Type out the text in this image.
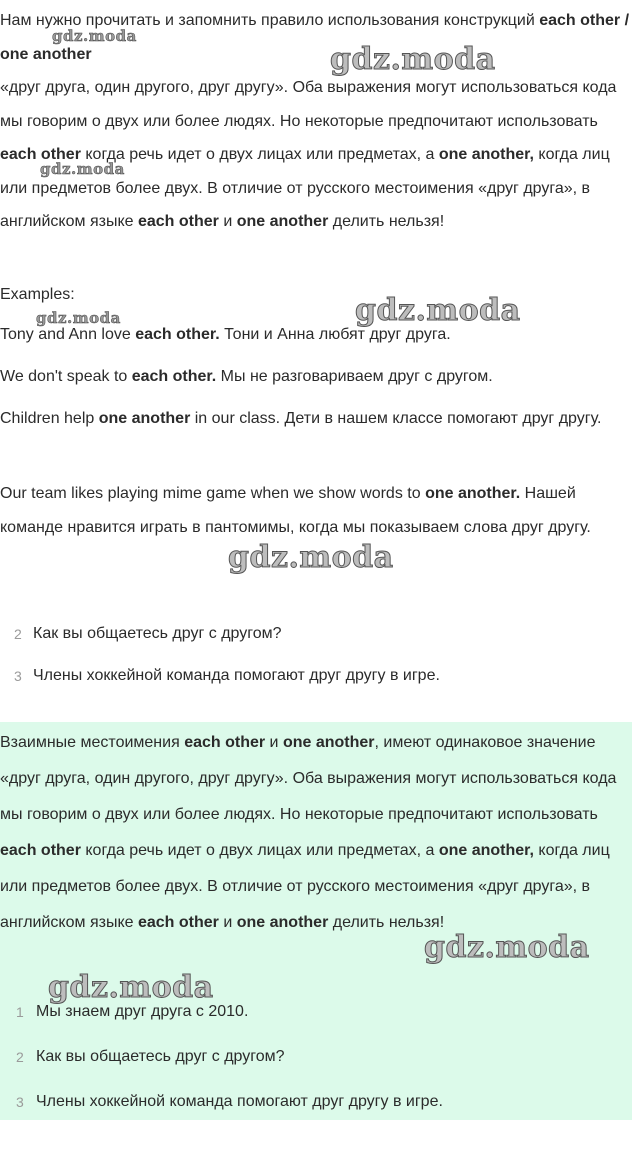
Нам нужно прочитать и запомнить правило использования конструкций each other / one another
«друг друга, один другого, друг другу». Оба выражения могут использоваться кода мы говорим о двух или более людях. Но некоторые предпочитают использовать each other когда речь идет о двух лицах или предметах, а one another, когда лиц или предметов более двух. В отличие от русского местоимения «друг друга», в английском языке each other и one another делить нельзя!
Examples:
Tony and Ann love each other. Тони и Анна любят друг друга.
We don't speak to each other. Мы не разговариваем друг с другом.
Children help one another in our class. Дети в нашем классе помогают друг другу.
Our team likes playing mime game when we show words to one another. Нашей команде нравится играть в пантомимы, когда мы показываем слова друг другу.
2 Как вы общаетесь друг с другом?
3 Члены хоккейной команда помогают друг другу в игре.
Взаимные местоимения each other и one another, имеют одинаковое значение «друг друга, один другого, друг другу». Оба выражения могут использоваться кода мы говорим о двух или более людях. Но некоторые предпочитают использовать each other когда речь идет о двух лицах или предметах, а one another, когда лиц или предметов более двух. В отличие от русского местоимения «друг друга», в английском языке each other и one another делить нельзя!
1 Мы знаем друг друга с 2010.
2 Как вы общаетесь друг с другом?
3 Члены хоккейной команда помогают друг другу в игре.
gdz.moda
gdz.moda
gdz.moda
gdz.moda
gdz.moda
gdz.moda
gdz.moda
gdz.moda
